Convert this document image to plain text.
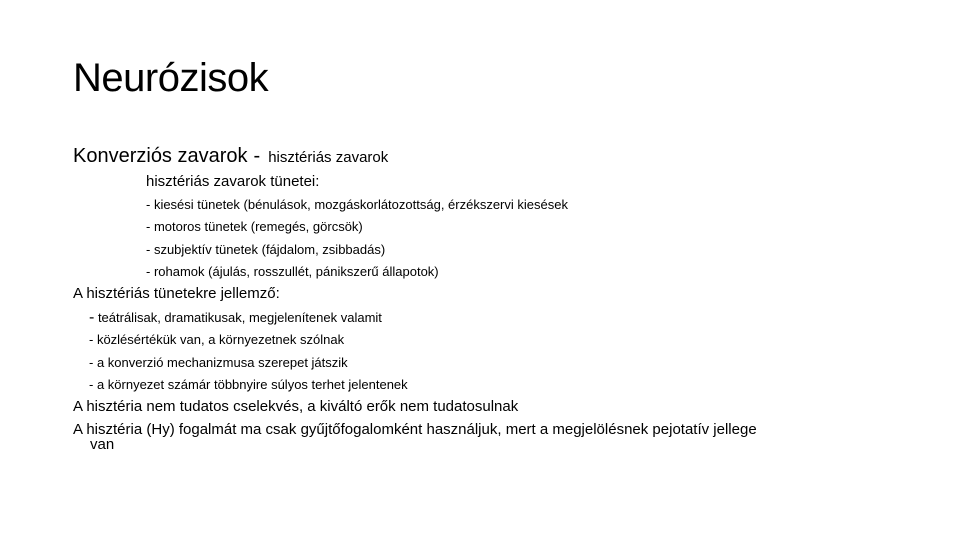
Neurózisok
Konverziós zavarok - hisztériás zavarok
hisztériás zavarok tünetei:
- kiesési tünetek (bénulások, mozgáskorlátozottság, érzékszervi kiesések
- motoros tünetek (remegés, görcsök)
- szubjektív tünetek (fájdalom, zsibbadás)
- rohamok (ájulás, rosszullét, pánikszerű állapotok)
A hisztériás tünetekre jellemző:
- teátrálisak, dramatikusak, megjelenítenek valamit
- közlésértékük van, a környezetnek szólnak
- a konverzió mechanizmusa szerepet játszik
- a környezet számár többnyire súlyos terhet jelentenek
A hisztéria nem tudatos cselekvés, a kiváltó erők nem tudatosulnak
A hisztéria (Hy) fogalmát ma csak gyűjtőfogalomként használjuk, mert a megjelölésnek pejotatív jellege
van
